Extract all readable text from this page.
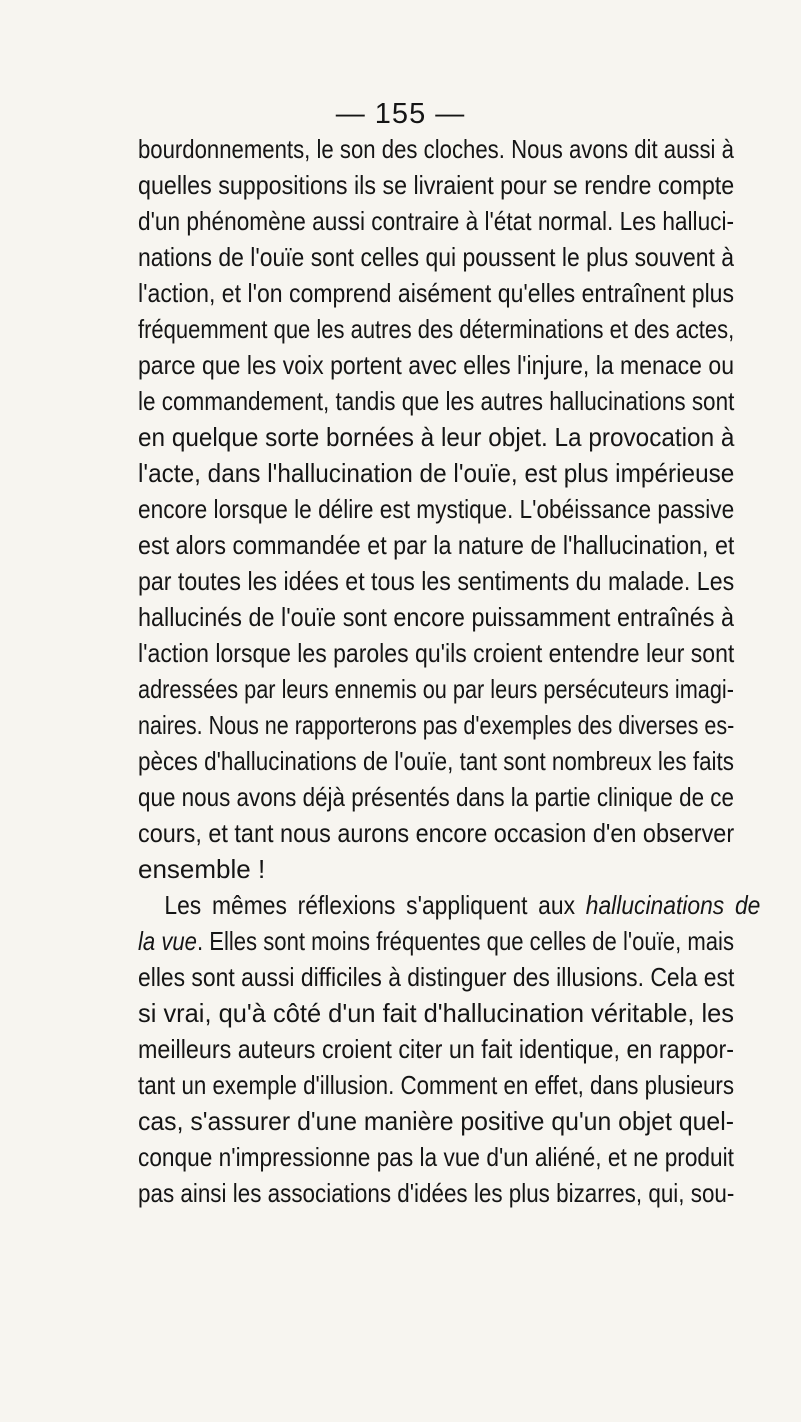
— 155 —
bourdonnements, le son des cloches. Nous avons dit aussi à
quelles suppositions ils se livraient pour se rendre compte
d'un phénomène aussi contraire à l'état normal. Les halluci-
nations de l'ouïe sont celles qui poussent le plus souvent à
l'action, et l'on comprend aisément qu'elles entraînent plus
fréquemment que les autres des déterminations et des actes,
parce que les voix portent avec elles l'injure, la menace ou
le commandement, tandis que les autres hallucinations sont
en quelque sorte bornées à leur objet. La provocation à
l'acte, dans l'hallucination de l'ouïe, est plus impérieuse
encore lorsque le délire est mystique. L'obéissance passive
est alors commandée et par la nature de l'hallucination, et
par toutes les idées et tous les sentiments du malade. Les
hallucinés de l'ouïe sont encore puissamment entraînés à
l'action lorsque les paroles qu'ils croient entendre leur sont
adressées par leurs ennemis ou par leurs persécuteurs imagi-
naires. Nous ne rapporterons pas d'exemples des diverses es-
pèces d'hallucinations de l'ouïe, tant sont nombreux les faits
que nous avons déjà présentés dans la partie clinique de ce
cours, et tant nous aurons encore occasion d'en observer
ensemble !
Les mêmes réflexions s'appliquent aux hallucinations de
la vue. Elles sont moins fréquentes que celles de l'ouïe, mais
elles sont aussi difficiles à distinguer des illusions. Cela est
si vrai, qu'à côté d'un fait d'hallucination véritable, les
meilleurs auteurs croient citer un fait identique, en rappor-
tant un exemple d'illusion. Comment en effet, dans plusieurs
cas, s'assurer d'une manière positive qu'un objet quel-
conque n'impressionne pas la vue d'un aliéné, et ne produit
pas ainsi les associations d'idées les plus bizarres, qui, sou-
